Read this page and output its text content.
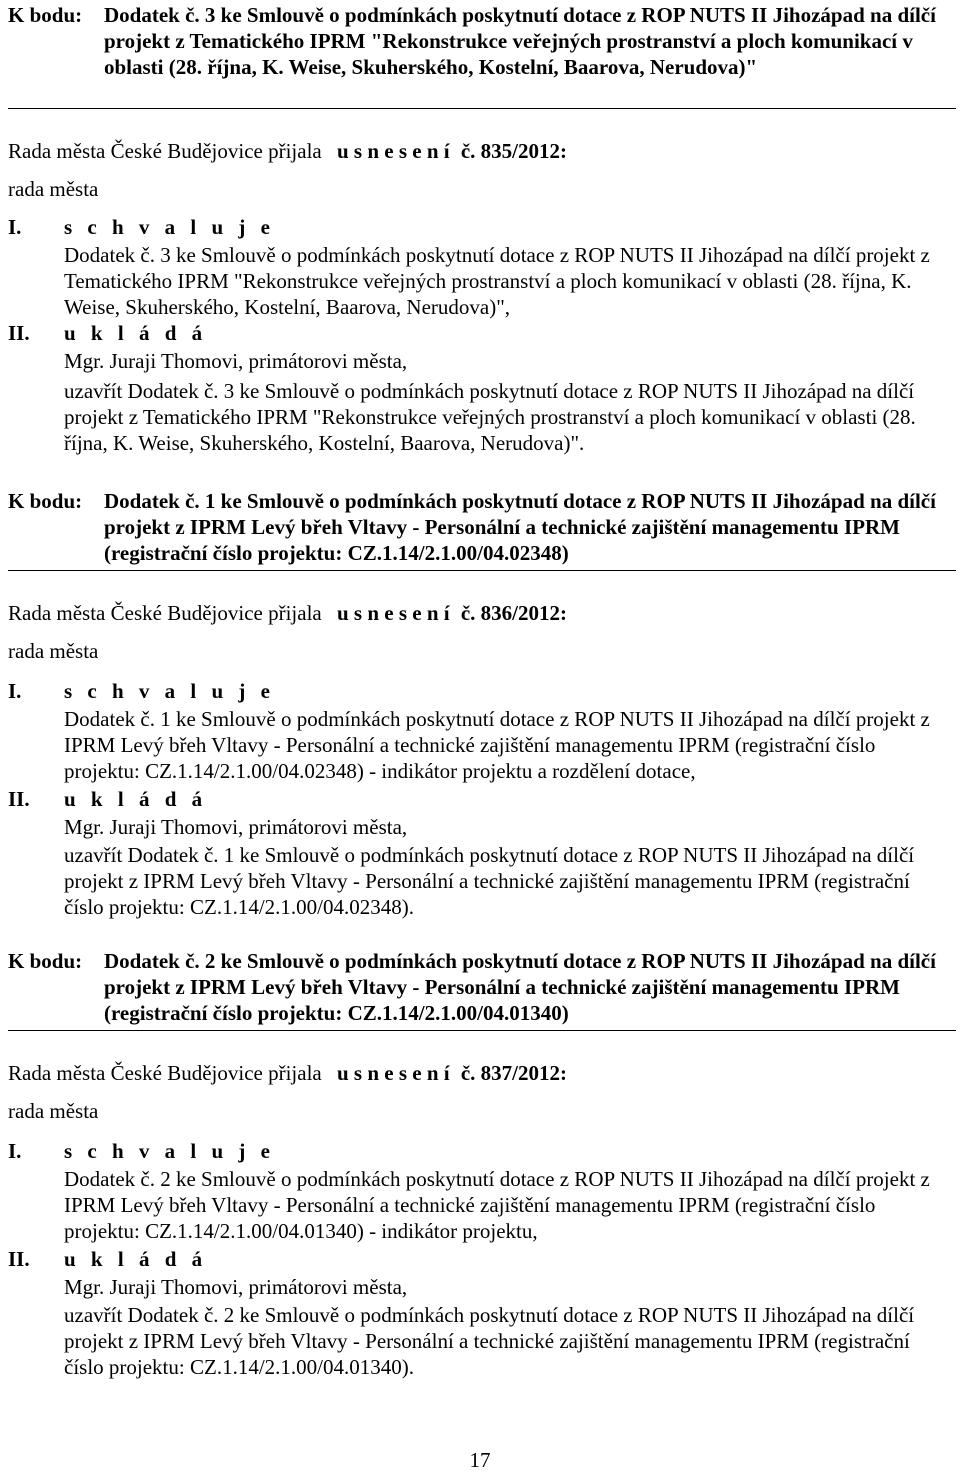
K bodu: Dodatek č. 3 ke Smlouvě o podmínkách poskytnutí dotace z ROP NUTS II Jihozápad na dílčí projekt z Tematického IPRM "Rekonstrukce veřejných prostranství a ploch komunikací v oblasti (28. října, K. Weise, Skuherského, Kostelní, Baarova, Nerudova)"
Rada města České Budějovice přijala u s n e s e n í č. 835/2012:
rada města
I. s c h v a l u j e
Dodatek č. 3 ke Smlouvě o podmínkách poskytnutí dotace z ROP NUTS II Jihozápad na dílčí projekt z Tematického IPRM "Rekonstrukce veřejných prostranství a ploch komunikací v oblasti (28. října, K. Weise, Skuherského, Kostelní, Baarova, Nerudova)",
II. u k l á d á
Mgr. Juraji Thomovi, primátorovi města,
uzavřít Dodatek č. 3 ke Smlouvě o podmínkách poskytnutí dotace z ROP NUTS II Jihozápad na dílčí projekt z Tematického IPRM "Rekonstrukce veřejných prostranství a ploch komunikací v oblasti (28. října, K. Weise, Skuherského, Kostelní, Baarova, Nerudova)".
K bodu: Dodatek č. 1 ke Smlouvě o podmínkách poskytnutí dotace z ROP NUTS II Jihozápad na dílčí projekt z IPRM Levý břeh Vltavy - Personální a technické zajištění managementu IPRM (registrační číslo projektu: CZ.1.14/2.1.00/04.02348)
Rada města České Budějovice přijala u s n e s e n í č. 836/2012:
rada města
I. s c h v a l u j e
Dodatek č. 1 ke Smlouvě o podmínkách poskytnutí dotace z ROP NUTS II Jihozápad na dílčí projekt z IPRM Levý břeh Vltavy - Personální a technické zajištění managementu IPRM (registrační číslo projektu: CZ.1.14/2.1.00/04.02348) - indikátor projektu a rozdělení dotace,
II. u k l á d á
Mgr. Juraji Thomovi, primátorovi města,
uzavřít Dodatek č. 1 ke Smlouvě o podmínkách poskytnutí dotace z ROP NUTS II Jihozápad na dílčí projekt z IPRM Levý břeh Vltavy - Personální a technické zajištění managementu IPRM (registrační číslo projektu: CZ.1.14/2.1.00/04.02348).
K bodu: Dodatek č. 2 ke Smlouvě o podmínkách poskytnutí dotace z ROP NUTS II Jihozápad na dílčí projekt z IPRM Levý břeh Vltavy - Personální a technické zajištění managementu IPRM (registrační číslo projektu: CZ.1.14/2.1.00/04.01340)
Rada města České Budějovice přijala u s n e s e n í č. 837/2012:
rada města
I. s c h v a l u j e
Dodatek č. 2 ke Smlouvě o podmínkách poskytnutí dotace z ROP NUTS II Jihozápad na dílčí projekt z IPRM Levý břeh Vltavy - Personální a technické zajištění managementu IPRM (registrační číslo projektu: CZ.1.14/2.1.00/04.01340) - indikátor projektu,
II. u k l á d á
Mgr. Juraji Thomovi, primátorovi města,
uzavřít Dodatek č. 2 ke Smlouvě o podmínkách poskytnutí dotace z ROP NUTS II Jihozápad na dílčí projekt z IPRM Levý břeh Vltavy - Personální a technické zajištění managementu IPRM (registrační číslo projektu: CZ.1.14/2.1.00/04.01340).
17
